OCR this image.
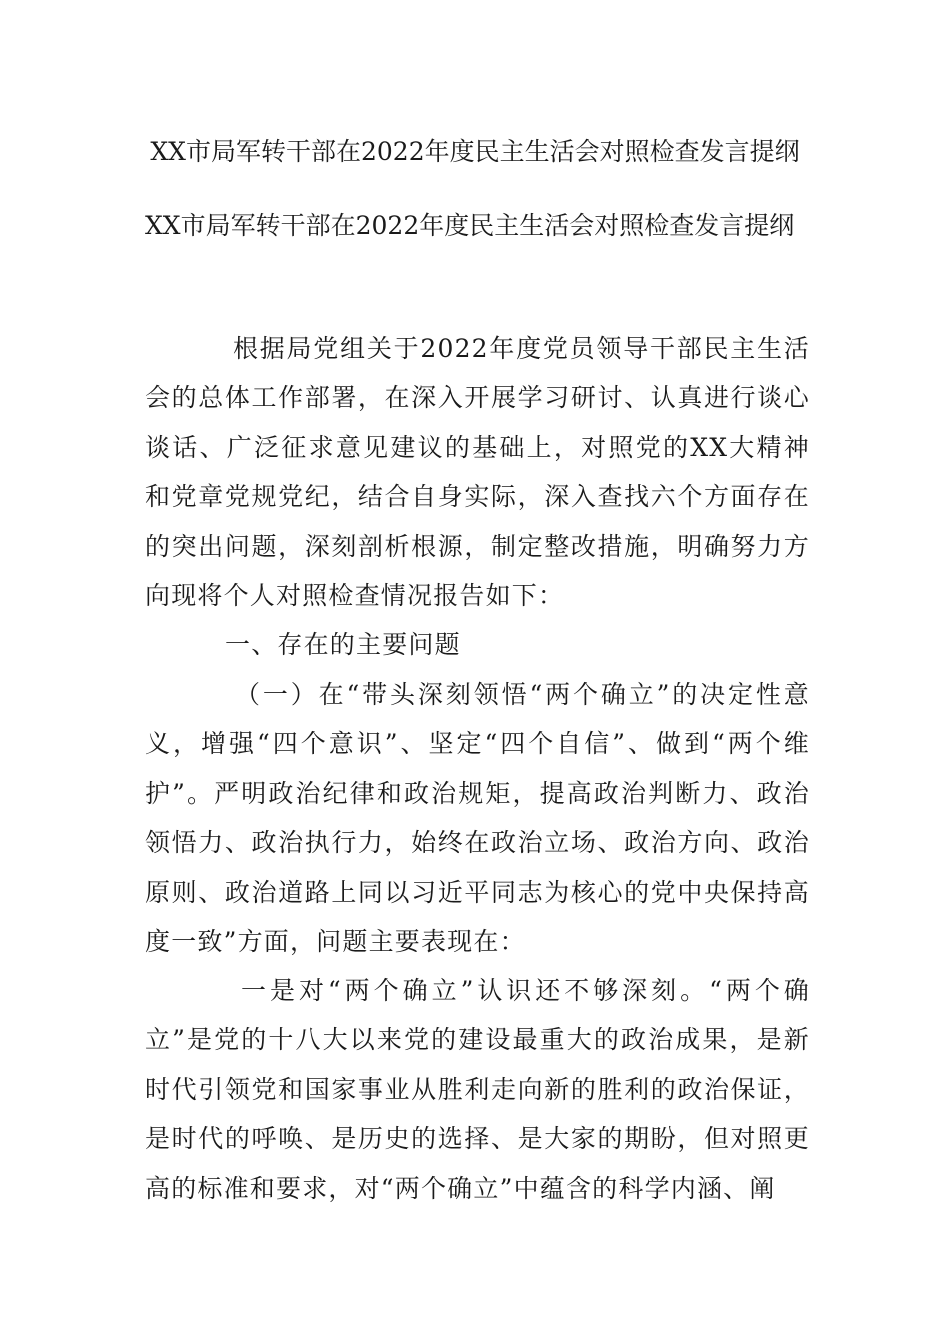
XX市局军转干部在2022年度民主生活会对照检查发言提纲

XX市局军转干部在2022年度民主生活会对照检查发言提纲

根据局党组关于2022年度党员领导干部民主生活会的总体工作部署，在深入开展学习研讨、认真进行谈心谈话、广泛征求意见建议的基础上，对照党的XX大精神和党章党规党纪，结合自身实际，深入查找六个方面存在的突出问题，深刻剖析根源，制定整改措施，明确努力方向现将个人对照检查情况报告如下：

一、存在的主要问题

（一）在“带头深刻领悟“两个确立”的决定性意义，增强“四个意识”、坚定“四个自信”、做到“两个维护”。严明政治纪律和政治规矩，提高政治判断力、政治领悟力、政治执行力，始终在政治立场、政治方向、政治原则、政治道路上同以习近平同志为核心的党中央保持高度一致”方面，问题主要表现在：

一是对“两个确立”认识还不够深刻。“两个确立”是党的十八大以来党的建设最重大的政治成果，是新时代引领党和国家事业从胜利走向新的胜利的政治保证，是时代的呼唤、是历史的选择、是大家的期盼，但对照更高的标准和要求，对“两个确立”中蕴含的科学内涵、阐
